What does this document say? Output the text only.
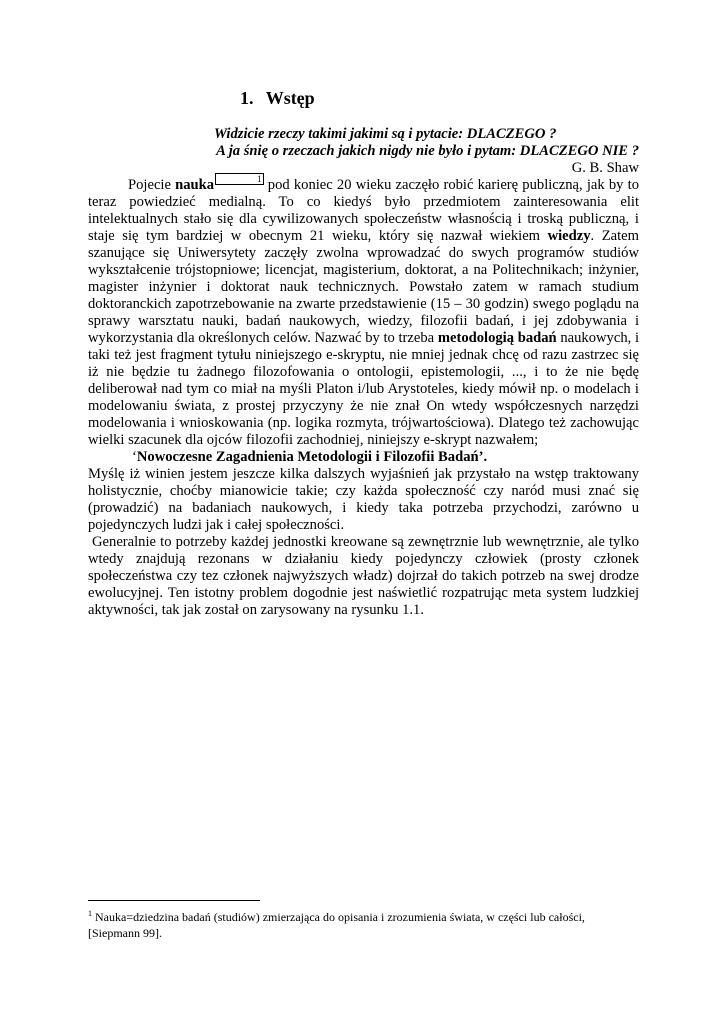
1. Wstęp
Widzicie rzeczy takimi jakimi są i pytacie: DLACZEGO ?
A ja śnię o rzeczach jakich nigdy nie było i pytam: DLACZEGO NIE ?
G. B. Shaw

Pojecie nauka	1 pod koniec 20 wieku zaczęło robić karierę publiczną, jak by to teraz powiedzieć medialną. To co kiedyś było przedmiotem zainteresowania elit intelektualnych stało się dla cywilizowanych społeczeństw własnością i troską publiczną, i staje się tym bardziej w obecnym 21 wieku, który się nazwał wiekiem wiedzy. Zatem szanujące się Uniwersytety zaczęły zwolna wprowadzać do swych programów studiów wykształcenie trójstopniowe; licencjat, magisterium, doktorat, a na Politechnikach; inżynier, magister inżynier i doktorat nauk technicznych. Powstało zatem w ramach studium doktoranckich zapotrzebowanie na zwarte przedstawienie (15 – 30 godzin) swego poglądu na sprawy warsztatu nauki, badań naukowych, wiedzy, filozofii badań, i jej zdobywania i wykorzystania dla określonych celów. Nazwać by to trzeba metodologią badań naukowych, i taki też jest fragment tytułu niniejszego e-skryptu, nie mniej jednak chcę od razu zastrzec się iż nie będzie tu żadnego filozofowania o ontologii, epistemologii, ..., i to że nie będę deliberował nad tym co miał na myśli Platon i/lub Arystoteles, kiedy mówił np. o modelach i modelowaniu świata, z prostej przyczyny że nie znał On wtedy współczesnych narzędzi modelowania i wnioskowania (np. logika rozmyta, trójwartościowa). Dlatego też zachowując wielki szacunek dla ojców filozofii zachodniej, niniejszy e-skrypt nazwałem;

‘Nowoczesne Zagadnienia Metodologii i Filozofii Badań’.

Myślę iż winien jestem jeszcze kilka dalszych wyjaśnień jak przystało na wstęp traktowany holistycznie, choćby mianowicie takie; czy każda społeczność czy naród musi znać się (prowadzić) na badaniach naukowych, i kiedy taka potrzeba przychodzi, zarówno u pojedynczych ludzi jak i całej społeczności.

Generalnie to potrzeby każdej jednostki kreowane są zewnętrznie lub wewnętrznie, ale tylko wtedy znajdują rezonans w działaniu kiedy pojedynczy człowiek (prosty członek społeczeństwa czy tez członek najwyższych władz) dojrzał do takich potrzeb na swej drodze ewolucyjnej. Ten istotny problem dogodnie jest naświetlić rozpatrując meta system ludzkiej aktywności, tak jak został on zarysowany na rysunku 1.1.

$^1$ Nauka=dziedzina badań (studiów) zmierzająca do opisania i zrozumienia świata, w części lub całości, [Siepmann 99].
